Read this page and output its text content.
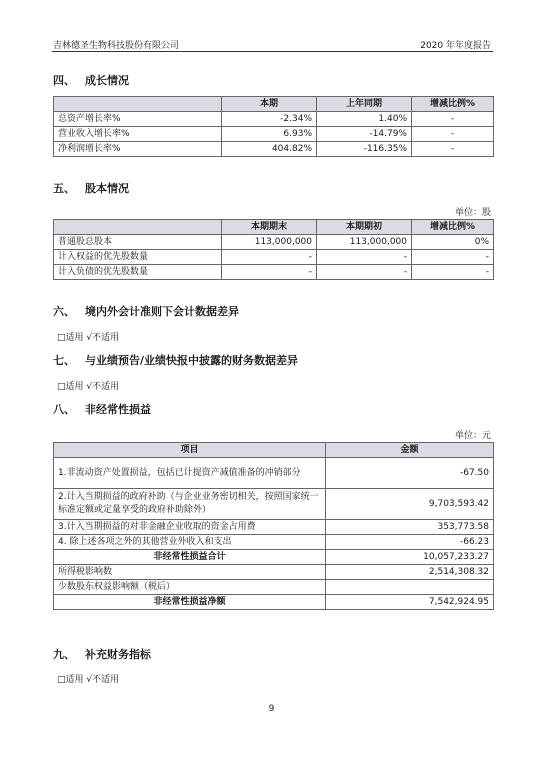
吉林德圣生物科技股份有限公司	2020 年年度报告
四、 成长情况
	本期	上年同期	增减比例%
总资产增长率%	-2.34%	1.40%	-
营业收入增长率%	6.93%	-14.79%	-
净利润增长率%	404.82%	-116.35%	-
五、 股本情况
单位：股
	本期期末	本期期初	增减比例%
普通股总股本	113,000,000	113,000,000	0%
计入权益的优先股数量	-	-	-
计入负债的优先股数量	-	-	-
六、 境内外会计准则下会计数据差异
□适用 √不适用
七、 与业绩预告/业绩快报中披露的财务数据差异
□适用 √不适用
八、 非经常性损益
单位：元
项目	金额
1.非流动资产处置损益，包括已计提资产减值准备的冲销部分	-67.50
2.计入当期损益的政府补助（与企业业务密切相关，按照国家统一标准定额或定量享受的政府补助除外）	9,703,593.42
3.计入当期损益的对非金融企业收取的资金占用费	353,773.58
4. 除上述各项之外的其他营业外收入和支出	-66.23
非经常性损益合计	10,057,233.27
所得税影响数	2,514,308.32
少数股东权益影响额（税后）	
非经常性损益净额	7,542,924.95
九、 补充财务指标
□适用 √不适用
9
